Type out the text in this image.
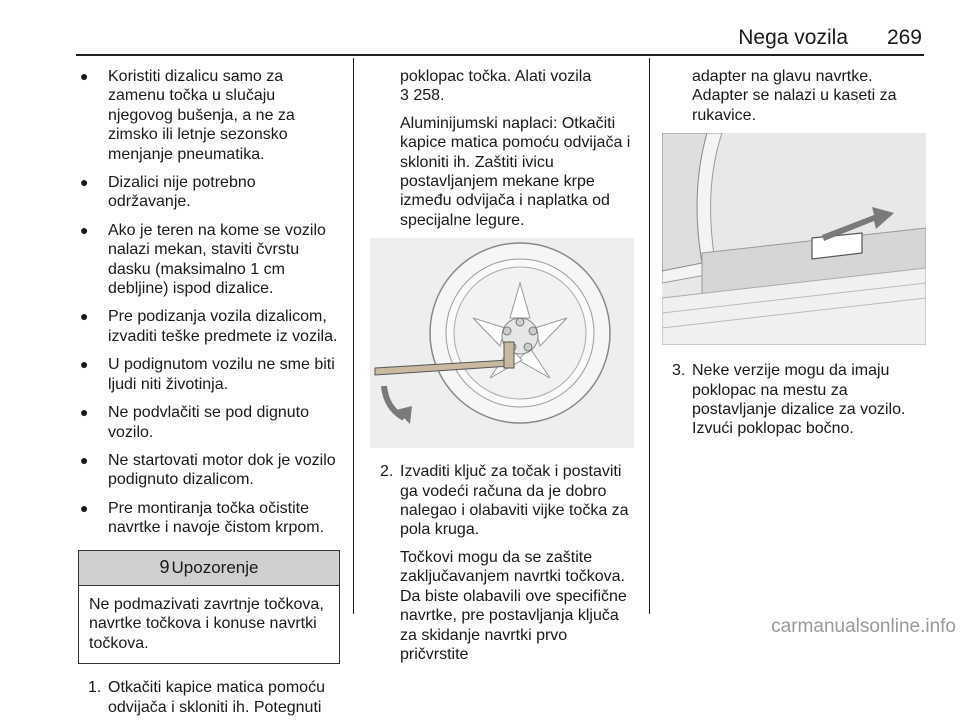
Nega vozila 269
● Koristiti dizalicu samo za zamenu točka u slučaju njegovog bušenja, a ne za zimsko ili letnje sezonsko menjanje pneumatika.
● Dizalici nije potrebno održavanje.
● Ako je teren na kome se vozilo nalazi mekan, staviti čvrstu dasku (maksimalno 1 cm debljine) ispod dizalice.
● Pre podizanja vozila dizalicom, izvaditi teške predmete iz vozila.
● U podignutom vozilu ne sme biti ljudi niti životinja.
● Ne podvlačiti se pod dignuto vozilo.
● Ne startovati motor dok je vozilo podignuto dizalicom.
● Pre montiranja točka očistite navrtke i navoje čistom krpom.
9 Upozorenje
Ne podmazivati zavrtnje točkova, navrtke točkova i konuse navrtki točkova.
1. Otkačiti kapice matica pomoću odvijača i skloniti ih. Potegnuti
poklopac točka. Alati vozila
3 258.
Aluminijumski naplaci: Otkačiti kapice matica pomoću odvijača i skloniti ih. Zaštiti ivicu postavljanjem mekane krpe između odvijača i naplatka od specijalne legure.
2. Izvaditi ključ za točak i postaviti ga vodeći računa da je dobro nalegao i olabaviti vijke točka za pola kruga.
Točkovi mogu da se zaštite zaključavanjem navrtki točkova. Da biste olabavili ove specifične navrtke, pre postavljanja ključa za skidanje navrtki prvo pričvrstite
adapter na glavu navrtke. Adapter se nalazi u kaseti za rukavice.
3. Neke verzije mogu da imaju poklopac na mestu za postavljanje dizalice za vozilo. Izvući poklopac bočno.
carmanualsonline.info
